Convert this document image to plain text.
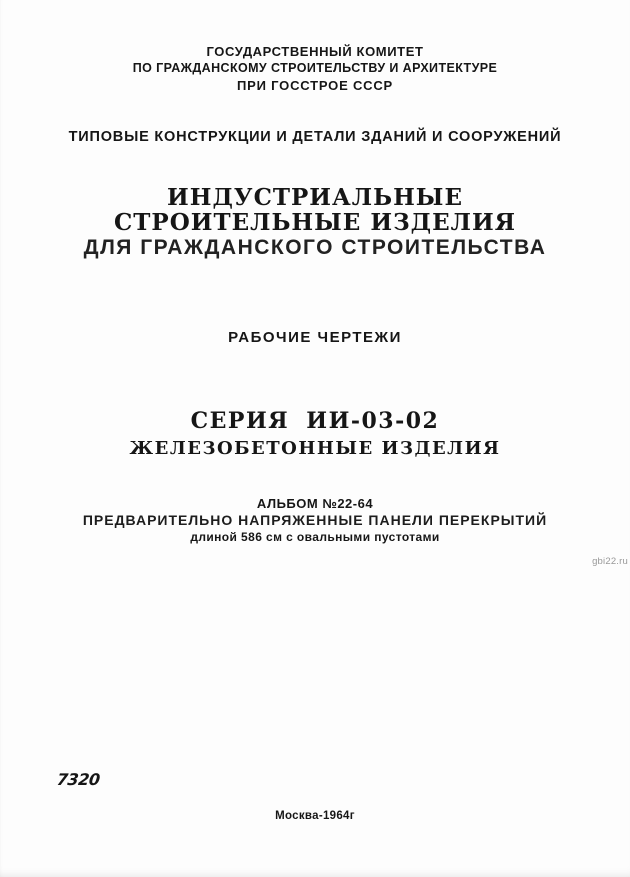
ГОСУДАРСТВЕННЫЙ КОМИТЕТ
ПО ГРАЖДАНСКОМУ СТРОИТЕЛЬСТВУ И АРХИТЕКТУРЕ
ПРИ ГОССТРОЕ СССР
ТИПОВЫЕ КОНСТРУКЦИИ И ДЕТАЛИ ЗДАНИЙ И СООРУЖЕНИЙ
ИНДУСТРИАЛЬНЫЕ
СТРОИТЕЛЬНЫЕ ИЗДЕЛИЯ
ДЛЯ ГРАЖДАНСКОГО СТРОИТЕЛЬСТВА
РАБОЧИЕ ЧЕРТЕЖИ
СЕРИЯ ИИ-03-02
ЖЕЛЕЗОБЕТОННЫЕ ИЗДЕЛИЯ
АЛЬБОМ №22-64
ПРЕДВАРИТЕЛЬНО НАПРЯЖЕННЫЕ ПАНЕЛИ ПЕРЕКРЫТИЙ
длиной 586 см с овальными пустотами
gbi22.ru
7320
Москва-1964г
